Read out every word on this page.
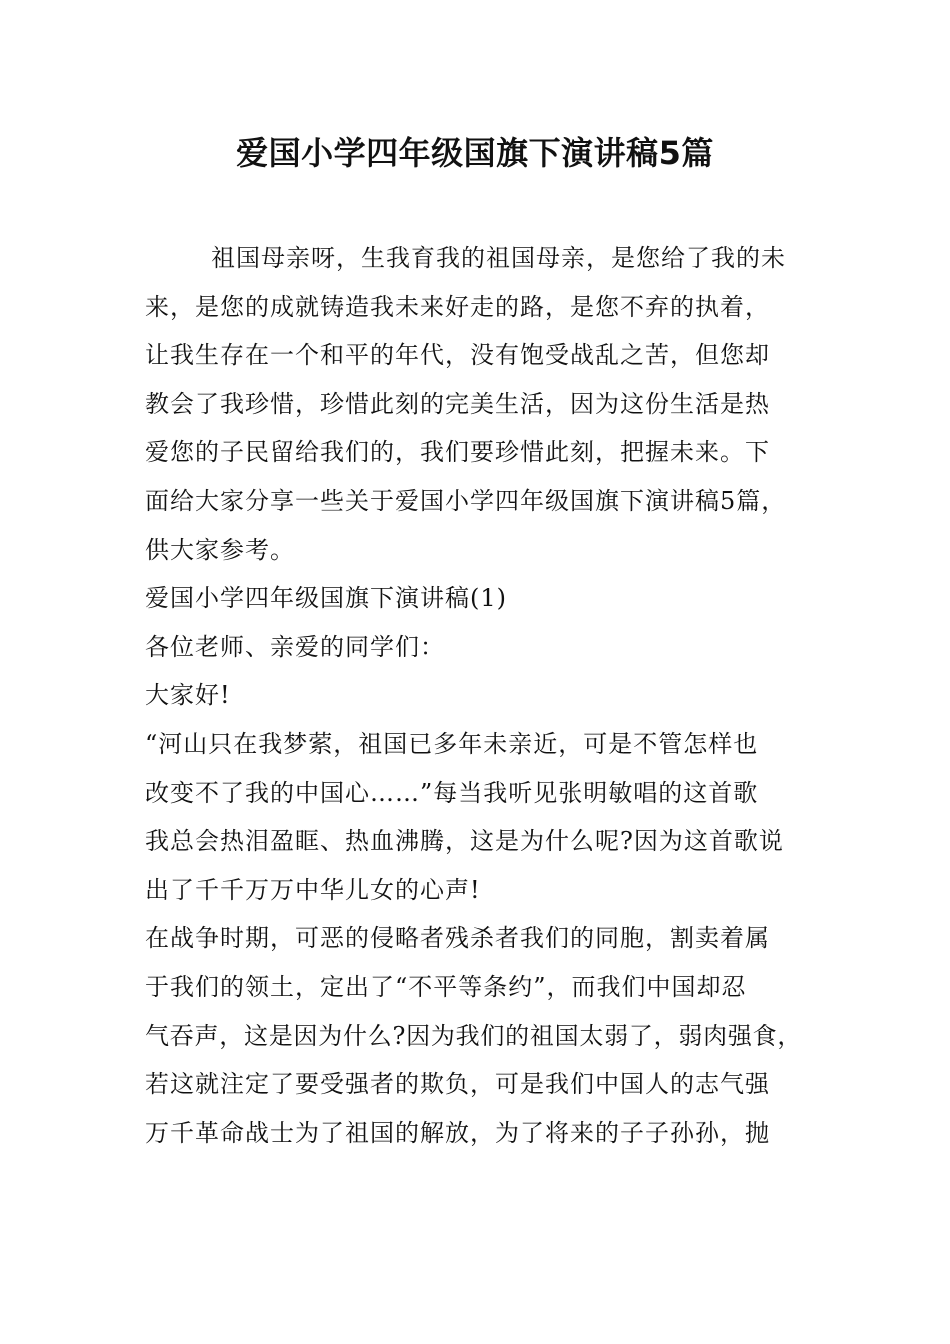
爱国小学四年级国旗下演讲稿5篇
祖国母亲呀，生我育我的祖国母亲，是您给了我的未
来，是您的成就铸造我未来好走的路，是您不弃的执着，
让我生存在一个和平的年代，没有饱受战乱之苦，但您却
教会了我珍惜，珍惜此刻的完美生活，因为这份生活是热
爱您的子民留给我们的，我们要珍惜此刻，把握未来。下
面给大家分享一些关于爱国小学四年级国旗下演讲稿5篇，
供大家参考。
爱国小学四年级国旗下演讲稿(1)
各位老师、亲爱的同学们：
大家好!
“河山只在我梦萦，祖国已多年未亲近，可是不管怎样也
改变不了我的中国心……”每当我听见张明敏唱的这首歌
我总会热泪盈眶、热血沸腾，这是为什么呢?因为这首歌说
出了千千万万中华儿女的心声!
在战争时期，可恶的侵略者残杀者我们的同胞，割卖着属
于我们的领土，定出了“不平等条约”，而我们中国却忍
气吞声，这是因为什么?因为我们的祖国太弱了，弱肉强食，
若这就注定了要受强者的欺负，可是我们中国人的志气强
万千革命战士为了祖国的解放，为了将来的子子孙孙，抛
